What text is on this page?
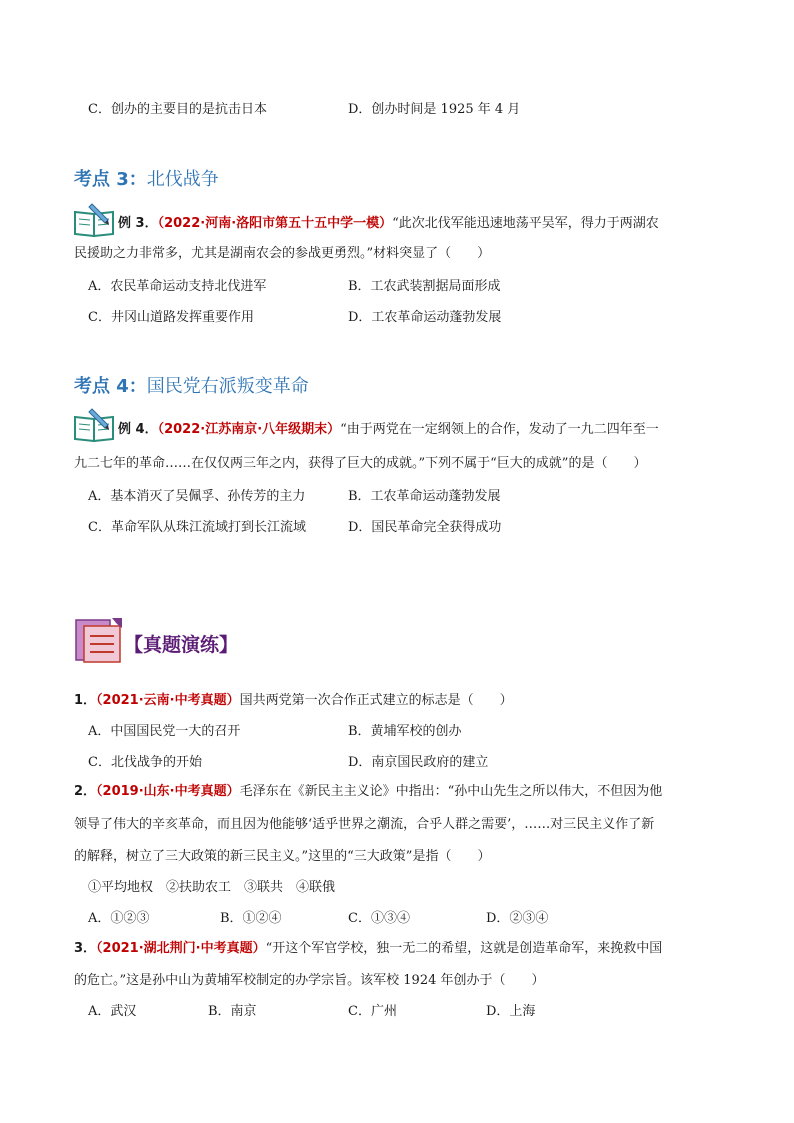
C．创办的主要目的是抗击日本	D．创办时间是 1925 年 4 月
考点 3：北伐战争
例 3．（2022·河南·洛阳市第五十五中学一模）“此次北伐军能迅速地荡平吴军，得力于两湖农
民援助之力非常多，尤其是湖南农会的参战更勇烈。”材料突显了（　　）
A．农民革命运动支持北伐进军	B．工农武装割据局面形成
C．井冈山道路发挥重要作用	D．工农革命运动蓬勃发展
考点 4：国民党右派叛变革命
例 4．（2022·江苏南京·八年级期末）“由于两党在一定纲领上的合作，发动了一九二四年至一
九二七年的革命……在仅仅两三年之内，获得了巨大的成就。”下列不属于“巨大的成就”的是（　　）
A．基本消灭了吴佩孚、孙传芳的主力	B．工农革命运动蓬勃发展
C．革命军队从珠江流域打到长江流域	D．国民革命完全获得成功
【真题演练】
1．（2021·云南·中考真题）国共两党第一次合作正式建立的标志是（　　）
A．中国国民党一大的召开	B．黄埔军校的创办
C．北伐战争的开始	D．南京国民政府的建立
2．（2019·山东·中考真题）毛泽东在《新民主主义论》中指出：“孙中山先生之所以伟大，不但因为他
领导了伟大的辛亥革命，而且因为他能够‘适乎世界之潮流，合乎人群之需要’，……对三民主义作了新
的解释，树立了三大政策的新三民主义。”这里的“三大政策”是指（　　）
①平均地权　②扶助农工　③联共　④联俄
A．①②③	B．①②④	C．①③④	D．②③④
3．（2021·湖北荆门·中考真题）“开这个军官学校，独一无二的希望，这就是创造革命军，来挽救中国
的危亡。”这是孙中山为黄埔军校制定的办学宗旨。该军校 1924 年创办于（　　）
A．武汉	B．南京	C．广州	D．上海
